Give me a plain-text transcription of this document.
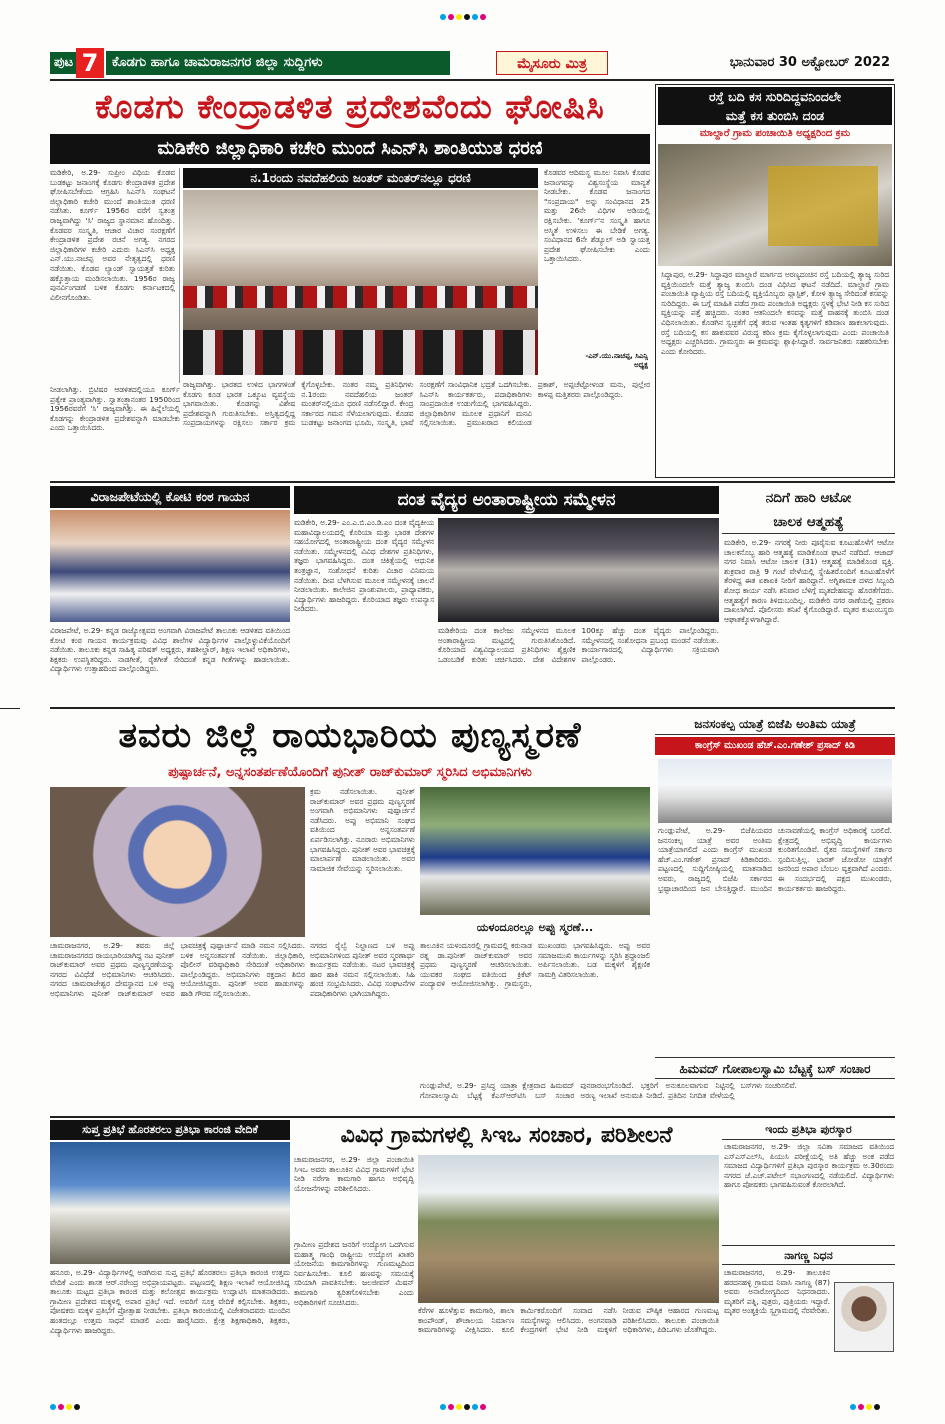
ಪುಟ 7	ಕೊಡಗು ಹಾಗೂ ಚಾಮರಾಜನಗರ ಜಿಲ್ಲಾ ಸುದ್ದಿಗಳು	ಮೈಸೂರು ಮಿತ್ರ	ಭಾನುವಾರ 30 ಅಕ್ಟೋಬರ್ 2022
ಕೊಡಗು ಕೇಂದ್ರಾಡಳಿತ ಪ್ರದೇಶವೆಂದು ಘೋಷಿಸಿ
ಮಡಿಕೇರಿ ಜಿಲ್ಲಾಧಿಕಾರಿ ಕಚೇರಿ ಮುಂದೆ ಸಿಎನ್‌ಸಿ ಶಾಂತಿಯುತ ಧರಣಿ
ಮಡಿಕೇರಿ, ಅ.29- ಸುಪ್ರೀಂ ವಿಧಿಯ ಕೊಡವ ಬುಡಕಟ್ಟು ಜನಾಂಗಕ್ಕೆ ಕೊಡಗು ಕೇಂದ್ರಾಡಳಿತ ಪ್ರದೇಶ ಘೋಷಿಸಬೇಕೆಂದು ಆಗ್ರಹಿಸಿ ಸಿಎನ್‌ಸಿ ಸಂಘಟನೆ ಜಿಲ್ಲಾಧಿಕಾರಿ ಕಚೇರಿ ಮುಂದೆ ಶಾಂತಿಯುತ ಧರಣಿ ನಡೆಸಿತು. ಕೂರ್ಗ್ 1956ರ ವರೆಗೆ ಸ್ವತಂತ್ರ ರಾಜ್ಯವಾಗಿದ್ದು 'ಸಿ' ರಾಜ್ಯದ ಸ್ಥಾನಮಾನ ಹೊಂದಿತ್ತು. ಕೊಡವರ ಸಂಸ್ಕೃತಿ, ಆಚಾರ ವಿಚಾರ ಸಂರಕ್ಷಣೆಗೆ ಕೇಂದ್ರಾಡಳಿತ ಪ್ರದೇಶ ರಚನೆ ಅಗತ್ಯ. ನಗರದ ಜಿಲ್ಲಾಧಿಕಾರಿಗಳ ಕಚೇರಿ ಎದುರು ಸಿಎನ್‌ಸಿ ಅಧ್ಯಕ್ಷ ಎನ್.ಯು.ನಾಚಪ್ಪ ಅವರ ನೇತೃತ್ವದಲ್ಲಿ ಧರಣಿ ನಡೆಯಿತು. ಕೊಡವ ಲ್ಯಾಂಡ್ ಸ್ವಾಯತ್ತತೆ ಕುರಿತು ಹಕ್ಕೊತ್ತಾಯ ಮಂಡಿಸಲಾಯಿತು. 1956ರ ರಾಜ್ಯ ಪುನರ್ವಿಂಗಡಣೆ ಬಳಿಕ ಕೊಡಗು ಕರ್ನಾಟಕದಲ್ಲಿ ವಿಲೀನಗೊಂಡಿತು.
ನ.1ರಂದು ನವದೆಹಲಿಯ ಜಂತರ್ ಮಂತರ್‌ನಲ್ಲೂ ಧರಣಿ	ಕೊಡವರ ಆದಿಮಸ್ಥ ಮೂಲ ನಿವಾಸಿ ಕೊಡವ ಜನಾಂಗವನ್ನು ವಿಶ್ವಸಂಸ್ಥೆಯ ಮಾನ್ಯತೆ ನೀಡಬೇಕು. ಕೊಡವ ಜನಾಂಗದ "ಸಂಪ್ರದಾಯ" ಅನ್ನು ಸಂವಿಧಾನದ 25 ಮತ್ತು 26ನೇ ವಿಧಿಗಳ ಅಡಿಯಲ್ಲಿ ರಕ್ಷಿಸಬೇಕು. 'ಕೂರ್ಗ್'ನ ಸಂಸ್ಕೃತಿ ಹಾಗೂ ಅಸ್ಮಿತೆ ಉಳಿಸಲು ಈ ಬೇಡಿಕೆ ಅಗತ್ಯ. ಸಂವಿಧಾನದ 6ನೇ ಶೆಡ್ಯೂಲ್ ಅಡಿ ಸ್ವಾಯತ್ತ ಪ್ರದೇಶ ಘೋಷಿಸಬೇಕು ಎಂದು ಒತ್ತಾಯಿಸಿದರು.
-ಎನ್.ಯು.ನಾಚಪ್ಪ, ಸಿಎನ್ಸಿ ಅಧ್ಯಕ್ಷ
ರಾಜ್ಯವಾಗಿತ್ತು. ಭಾರತದ ಉಳಿದ ಭಾಗಗಳಿಂತೆ ಕೊಡಗು ಕೂಡ ಭಾರತ ಒಕ್ಕೂಟ ವ್ಯವಸ್ಥೆಯ ಭಾಗವಾಯಿತು. ಕೊಡಗನ್ನು ವಿಶೇಷ ಪ್ರದೇಶವನ್ನಾಗಿ ಗುರುತಿಸಬೇಕು. ಅಸ್ತಿತ್ವದಲ್ಲಿದ್ದ ಸಂಪ್ರದಾಯಗಳನ್ನು ರಕ್ಷಿಸಲು ಸರ್ಕಾರ ಕ್ರಮ ಕೈಗೊಳ್ಳಬೇಕು. ನಂತರ ನಮ್ಮ ಪ್ರತಿನಿಧಿಗಳು ನ.1ರಂದು ನವದೆಹಲಿಯ ಜಂತರ್ ಮಂತರ್‌ನಲ್ಲಿಯೂ ಧರಣಿ ನಡೆಸಲಿದ್ದಾರೆ. ಕೇಂದ್ರ ಸರ್ಕಾರದ ಗಮನ ಸೆಳೆಯಲಾಗುವುದು. ಕೊಡವ ಬುಡಕಟ್ಟು ಜನಾಂಗದ ಭೂಮಿ, ಸಂಸ್ಕೃತಿ, ಭಾಷೆ ಸಂರಕ್ಷಣೆಗೆ ಸಾಂವಿಧಾನಿಕ ಭದ್ರತೆ ಒದಗಿಸಬೇಕು. ಸಿಎನ್‌ಸಿ ಕಾರ್ಯಕರ್ತರು, ಪದಾಧಿಕಾರಿಗಳು ಸಾಂಪ್ರದಾಯಿಕ ಉಡುಗೆಯಲ್ಲಿ ಭಾಗವಹಿಸಿದ್ದರು. ಜಿಲ್ಲಾಧಿಕಾರಿಗಳ ಮೂಲಕ ಪ್ರಧಾನಿಗೆ ಮನವಿ ಸಲ್ಲಿಸಲಾಯಿತು. ಪ್ರಮುಖರಾದ ಕಲಿಯಂಡ ಪ್ರಕಾಶ್, ಅಪ್ಪಚೆಟ್ಟೋಳಂಡ ಮನು, ಪುಲ್ಲೇರ ಕಾಳಪ್ಪ ಮತ್ತಿತರರು ಪಾಲ್ಗೊಂಡಿದ್ದರು.
ನೀಡಲಾಗಿತ್ತು. ಬ್ರಿಟಿಷರ ಆಡಳಿತದಲ್ಲಿಯೂ ಕೂರ್ಗ್ ಪ್ರತ್ಯೇಕ ಪ್ರಾಂತ್ಯವಾಗಿತ್ತು. ಸ್ವಾತಂತ್ರ್ಯಾನಂತರ 1950ರಿಂದ 1956ರವರೆಗೆ 'ಸಿ' ರಾಜ್ಯವಾಗಿತ್ತು. ಈ ಹಿನ್ನೆಲೆಯಲ್ಲಿ ಕೊಡಗನ್ನು ಕೇಂದ್ರಾಡಳಿತ ಪ್ರದೇಶವನ್ನಾಗಿ ಮಾಡಬೇಕು ಎಂದು ಒತ್ತಾಯಿಸಿದರು.
ರಸ್ತೆ ಬದಿ ಕಸ ಸುರಿದಿದ್ದವನಿಂದಲೇ
ಮತ್ತೆ ಕಸ ತುಂಬಿಸಿ ದಂಡ
ಮಾಲ್ದಾರೆ ಗ್ರಾಮ ಪಂಚಾಯಿತಿ ಅಧ್ಯಕ್ಷರಿಂದ ಕ್ರಮ
ಸಿದ್ದಾಪುರ, ಅ.29- ಸಿದ್ದಾಪುರ ಮಾಲ್ದಾರೆ ಮಾರ್ಗದ ಅರಣ್ಯದಂಚಿನ ರಸ್ತೆ ಬದಿಯಲ್ಲಿ ತ್ಯಾಜ್ಯ ಸುರಿದ ವ್ಯಕ್ತಿಯಿಂದಲೇ ಮತ್ತೆ ತ್ಯಾಜ್ಯ ತುಂಬಿಸಿ ದಂಡ ವಿಧಿಸಿದ ಘಟನೆ ನಡೆದಿದೆ. ಮಾಲ್ದಾರೆ ಗ್ರಾಮ ಪಂಚಾಯಿತಿ ವ್ಯಾಪ್ತಿಯ ರಸ್ತೆ ಬದಿಯಲ್ಲಿ ವ್ಯಕ್ತಿಯೊಬ್ಬರು ಪ್ಲಾಸ್ಟಿಕ್, ಕೋಳಿ ತ್ಯಾಜ್ಯ ಸೇರಿದಂತೆ ಕಸವನ್ನು ಸುರಿದಿದ್ದರು. ಈ ಬಗ್ಗೆ ಮಾಹಿತಿ ಪಡೆದ ಗ್ರಾಮ ಪಂಚಾಯಿತಿ ಅಧ್ಯಕ್ಷರು ಸ್ಥಳಕ್ಕೆ ಭೇಟಿ ನೀಡಿ ಕಸ ಸುರಿದ ವ್ಯಕ್ತಿಯನ್ನು ಪತ್ತೆ ಹಚ್ಚಿದರು. ನಂತರ ಆತನಿಂದಲೇ ಕಸವನ್ನು ಮತ್ತೆ ವಾಹನಕ್ಕೆ ತುಂಬಿಸಿ ದಂಡ ವಿಧಿಸಲಾಯಿತು. ಕೊಡಗಿನ ಸ್ವಚ್ಛತೆಗೆ ಧಕ್ಕೆ ತರುವ ಇಂತಹ ಕೃತ್ಯಗಳಿಗೆ ಕಡಿವಾಣ ಹಾಕಲಾಗುವುದು. ರಸ್ತೆ ಬದಿಯಲ್ಲಿ ಕಸ ಹಾಕುವವರ ವಿರುದ್ಧ ಕಠಿಣ ಕ್ರಮ ಕೈಗೊಳ್ಳಲಾಗುವುದು ಎಂದು ಪಂಚಾಯಿತಿ ಅಧ್ಯಕ್ಷರು ಎಚ್ಚರಿಸಿದರು. ಗ್ರಾಮಸ್ಥರು ಈ ಕ್ರಮವನ್ನು ಶ್ಲಾಘಿಸಿದ್ದಾರೆ. ಸಾರ್ವಜನಿಕರು ಸಹಕರಿಸಬೇಕು ಎಂದು ಕೋರಿದರು.
ವಿರಾಜಪೇಟೆಯಲ್ಲಿ ಕೋಟಿ ಕಂಠ ಗಾಯನ
ವಿರಾಜಪೇಟೆ, ಅ.29- ಕನ್ನಡ ರಾಜ್ಯೋತ್ಸವದ ಅಂಗವಾಗಿ ವಿರಾಜಪೇಟೆ ತಾಲೂಕು ಆಡಳಿತದ ವತಿಯಿಂದ ಕೋಟಿ ಕಂಠ ಗಾಯನ ಕಾರ್ಯಕ್ರಮವು ವಿವಿಧ ಶಾಲೆಗಳ ವಿದ್ಯಾರ್ಥಿಗಳ ಪಾಲ್ಗೊಳ್ಳುವಿಕೆಯೊಂದಿಗೆ ನಡೆಯಿತು. ತಾಲೂಕು ಕನ್ನಡ ಸಾಹಿತ್ಯ ಪರಿಷತ್ ಅಧ್ಯಕ್ಷರು, ತಹಶೀಲ್ದಾರ್, ಶಿಕ್ಷಣ ಇಲಾಖೆ ಅಧಿಕಾರಿಗಳು, ಶಿಕ್ಷಕರು ಉಪಸ್ಥಿತರಿದ್ದರು. ನಾಡಗೀತೆ, ರೈತಗೀತೆ ಸೇರಿದಂತೆ ಕನ್ನಡ ಗೀತೆಗಳನ್ನು ಹಾಡಲಾಯಿತು. ವಿದ್ಯಾರ್ಥಿಗಳು ಉತ್ಸಾಹದಿಂದ ಪಾಲ್ಗೊಂಡಿದ್ದರು.
ದಂತ ವೈದ್ಯರ ಅಂತಾರಾಷ್ಟ್ರೀಯ ಸಮ್ಮೇಳನ
ಮಡಿಕೇರಿ, ಅ.29- ಎಂ.ಎ.ಬಿ.ಎಂ.ಡಿ.ಎಂ ದಂತ ವೈದ್ಯಕೀಯ ಮಹಾವಿದ್ಯಾಲಯದಲ್ಲಿ ಕೊರಿಯಾ ಮತ್ತು ಭಾರತ ದೇಶಗಳ ಸಹಯೋಗದಲ್ಲಿ ಅಂತಾರಾಷ್ಟ್ರೀಯ ದಂತ ವೈದ್ಯರ ಸಮ್ಮೇಳನ ನಡೆಯಿತು. ಸಮ್ಮೇಳನದಲ್ಲಿ ವಿವಿಧ ದೇಶಗಳ ಪ್ರತಿನಿಧಿಗಳು, ತಜ್ಞರು ಭಾಗವಹಿಸಿದ್ದರು. ದಂತ ಚಿಕಿತ್ಸೆಯಲ್ಲಿ ಆಧುನಿಕ ತಂತ್ರಜ್ಞಾನ, ಸಂಶೋಧನೆ ಕುರಿತು ವಿಚಾರ ವಿನಿಮಯ ನಡೆಯಿತು. ದೀಪ ಬೆಳಗಿಸುವ ಮೂಲಕ ಸಮ್ಮೇಳನಕ್ಕೆ ಚಾಲನೆ ನೀಡಲಾಯಿತು. ಕಾಲೇಜಿನ ಪ್ರಾಂಶುಪಾಲರು, ಪ್ರಾಧ್ಯಾಪಕರು, ವಿದ್ಯಾರ್ಥಿಗಳು ಹಾಜರಿದ್ದರು. ಕೊರಿಯಾದ ತಜ್ಞರು ಉಪನ್ಯಾಸ ನೀಡಿದರು.
ಮಡಿಕೇರಿಯ ದಂತ ಕಾಲೇಜು ಸಮ್ಮೇಳನದ ಮೂಲಕ ಅಂತಾರಾಷ್ಟ್ರೀಯ ಮಟ್ಟದಲ್ಲಿ ಗುರುತಿಸಿಕೊಂಡಿದೆ. ಕೊರಿಯಾದ ವಿಶ್ವವಿದ್ಯಾಲಯದ ಪ್ರತಿನಿಧಿಗಳು ಶೈಕ್ಷಣಿಕ ಒಡಂಬಡಿಕೆ ಕುರಿತು ಚರ್ಚಿಸಿದರು. ದೇಶ ವಿದೇಶಗಳ 100ಕ್ಕೂ ಹೆಚ್ಚು ದಂತ ವೈದ್ಯರು ಪಾಲ್ಗೊಂಡಿದ್ದರು. ಸಮ್ಮೇಳನದಲ್ಲಿ ಸಂಶೋಧನಾ ಪ್ರಬಂಧ ಮಂಡನೆ ನಡೆಯಿತು. ಕಾರ್ಯಾಗಾರದಲ್ಲಿ ವಿದ್ಯಾರ್ಥಿಗಳು ಸಕ್ರಿಯವಾಗಿ ಪಾಲ್ಗೊಂಡರು.
ನದಿಗೆ ಹಾರಿ ಆಟೋ
ಚಾಲಕ ಆತ್ಮಹತ್ಯೆ
ಮಡಿಕೇರಿ, ಅ.29- ನಗರಕ್ಕೆ ನೀರು ಪೂರೈಸುವ ಕೂಟುಹೊಳೆಗೆ ಆಟೋ ಚಾಲಕನೊಬ್ಬ ಹಾರಿ ಆತ್ಮಹತ್ಯೆ ಮಾಡಿಕೊಂಡ ಘಟನೆ ನಡೆದಿದೆ. ಆಜಾದ್ ನಗರ ನಿವಾಸಿ ಆಟೋ ಚಾಲಕ (31) ಆತ್ಮಹತ್ಯೆ ಮಾಡಿಕೊಂಡ ವ್ಯಕ್ತಿ. ಶುಕ್ರವಾರ ರಾತ್ರಿ 9 ಗಂಟೆ ವೇಳೆಯಲ್ಲಿ ಸ್ನೇಹಿತರೊಂದಿಗೆ ಕೂಟುಹೊಳೆಗೆ ತೆರಳಿದ್ದ ಈತ ಏಕಾಏಕಿ ನೀರಿಗೆ ಹಾರಿದ್ದಾನೆ. ಅಗ್ನಿಶಾಮಕ ದಳದ ಸಿಬ್ಬಂದಿ ಶೋಧ ಕಾರ್ಯ ನಡೆಸಿ ಶನಿವಾರ ಬೆಳಿಗ್ಗೆ ಮೃತದೇಹವನ್ನು ಹೊರತೆಗೆದರು. ಆತ್ಮಹತ್ಯೆಗೆ ಕಾರಣ ತಿಳಿದುಬಂದಿಲ್ಲ. ಮಡಿಕೇರಿ ನಗರ ಠಾಣೆಯಲ್ಲಿ ಪ್ರಕರಣ ದಾಖಲಾಗಿದೆ. ಪೊಲೀಸರು ತನಿಖೆ ಕೈಗೊಂಡಿದ್ದಾರೆ. ಮೃತರ ಕುಟುಂಬಸ್ಥರು ಆಘಾತಕ್ಕೊಳಗಾಗಿದ್ದಾರೆ.
ತವರು ಜಿಲ್ಲೆ ರಾಯಭಾರಿಯ ಪುಣ್ಯಸ್ಮರಣೆ
ಪುಷ್ಪಾರ್ಚನೆ, ಅನ್ನಸಂತರ್ಪಣೆಯೊಂದಿಗೆ ಪುನೀತ್ ರಾಜ್‌ಕುಮಾರ್ ಸ್ಮರಿಸಿದ ಅಭಿಮಾನಿಗಳು
ಕ್ರಮ ನಡೆಸಲಾಯಿತು. ಪುನೀತ್ ರಾಜ್‌ಕುಮಾರ್ ಅವರ ಪ್ರಥಮ ಪುಣ್ಯಸ್ಮರಣೆ ಅಂಗವಾಗಿ ಅಭಿಮಾನಿಗಳು ಪುಷ್ಪಾರ್ಚನೆ ನಡೆಸಿದರು. ಅಪ್ಪು ಅಭಿಮಾನಿ ಸಂಘದ ವತಿಯಿಂದ ಅನ್ನಸಂತರ್ಪಣೆ ಏರ್ಪಡಿಸಲಾಗಿತ್ತು. ನೂರಾರು ಅಭಿಮಾನಿಗಳು ಭಾಗವಹಿಸಿದ್ದರು. ಪುನೀತ್ ಅವರ ಭಾವಚಿತ್ರಕ್ಕೆ ಮಾಲಾರ್ಪಣೆ ಮಾಡಲಾಯಿತು. ಅವರ ಸಾಮಾಜಿಕ ಸೇವೆಯನ್ನು ಸ್ಮರಿಸಲಾಯಿತು.
ಯಳಂದೂರಲ್ಲೂ ಅಪ್ಪು ಸ್ಮರಣೆ...
ಚಾಮರಾಜನಗರ, ಅ.29- ತವರು ಜಿಲ್ಲೆ ಚಾಮರಾಜನಗರದ ರಾಯಭಾರಿಯಾಗಿದ್ದ ನಟ ಪುನೀತ್ ರಾಜ್‌ಕುಮಾರ್ ಅವರ ಪ್ರಥಮ ಪುಣ್ಯಸ್ಮರಣೆಯನ್ನು ನಗರದ ವಿವಿಧೆಡೆ ಅಭಿಮಾನಿಗಳು ಆಚರಿಸಿದರು. ನಗರದ ಚಾಮರಾಜೇಶ್ವರ ದೇವಸ್ಥಾನದ ಬಳಿ ಅಪ್ಪು ಅಭಿಮಾನಿಗಳು ಪುನೀತ್ ರಾಜ್‌ಕುಮಾರ್ ಅವರ ಭಾವಚಿತ್ರಕ್ಕೆ ಪುಷ್ಪಾರ್ಚನೆ ಮಾಡಿ ನಮನ ಸಲ್ಲಿಸಿದರು. ಬಳಿಕ ಅನ್ನಸಂತರ್ಪಣೆ ನಡೆಯಿತು. ಜಿಲ್ಲಾಧಿಕಾರಿ, ಪೊಲೀಸ್ ವರಿಷ್ಠಾಧಿಕಾರಿ ಸೇರಿದಂತೆ ಅಧಿಕಾರಿಗಳು ಪಾಲ್ಗೊಂಡಿದ್ದರು. ಅಭಿಮಾನಿಗಳು ರಕ್ತದಾನ ಶಿಬಿರ ಆಯೋಜಿಸಿದ್ದರು. ಪುನೀತ್ ಅವರ ಹಾಡುಗಳನ್ನು ಹಾಡಿ ಗೌರವ ಸಲ್ಲಿಸಲಾಯಿತು.
ನಗರದ ರೈಲ್ವೆ ನಿಲ್ದಾಣದ ಬಳಿ ಅಪ್ಪು ಅಭಿಮಾನಿಗಳಿಂದ ಪುನೀತ್ ಅವರ ಸ್ಮರಣಾರ್ಥ ಕಾರ್ಯಕ್ರಮ ನಡೆಯಿತು. ನಟರ ಭಾವಚಿತ್ರಕ್ಕೆ ಹಾರ ಹಾಕಿ ನಮನ ಸಲ್ಲಿಸಲಾಯಿತು. ಸಿಹಿ ಹಂಚಿ ಸಂಭ್ರಮಿಸಿದರು. ವಿವಿಧ ಸಂಘಟನೆಗಳ ಪದಾಧಿಕಾರಿಗಳು ಭಾಗಿಯಾಗಿದ್ದರು.
ತಾಲೂಕಿನ ಯಳಂದೂರಲ್ಲಿ ಗ್ರಾಮದಲ್ಲಿ ಕರುನಾಡ ರತ್ನ ಡಾ.ಪುನೀತ್ ರಾಜ್‌ಕುಮಾರ್ ಅವರ ಪ್ರಥಮ ಪುಣ್ಯಸ್ಮರಣೆ ಆಚರಿಸಲಾಯಿತು. ಯುವಕರ ಸಂಘದ ವತಿಯಿಂದ ಕ್ರಿಕೆಟ್ ಪಂದ್ಯಾವಳಿ ಆಯೋಜಿಸಲಾಗಿತ್ತು. ಗ್ರಾಮಸ್ಥರು, ಮುಖಂಡರು ಭಾಗವಹಿಸಿದ್ದರು. ಅಪ್ಪು ಅವರ ಸಮಾಜಮುಖಿ ಕಾರ್ಯಗಳನ್ನು ಸ್ಮರಿಸಿ ಶ್ರದ್ಧಾಂಜಲಿ ಅರ್ಪಿಸಲಾಯಿತು. ಬಡ ಮಕ್ಕಳಿಗೆ ಶೈಕ್ಷಣಿಕ ಸಾಮಗ್ರಿ ವಿತರಿಸಲಾಯಿತು.
ಜನಸಂಕಲ್ಪ ಯಾತ್ರೆ ಬಿಜೆಪಿ ಅಂತಿಮ ಯಾತ್ರೆ
ಕಾಂಗ್ರೆಸ್ ಮುಖಂಡ ಹೆಚ್.ಎಂ.ಗಣೇಶ್ ಪ್ರಸಾದ್ ಕಿಡಿ
ಗುಂಡ್ಲುಪೇಟೆ, ಅ.29- ಬಿಜೆಪಿಯವರ ಜನಸಂಕಲ್ಪ ಯಾತ್ರೆ ಅವರ ಅಂತಿಮ ಯಾತ್ರೆಯಾಗಲಿದೆ ಎಂದು ಕಾಂಗ್ರೆಸ್ ಮುಖಂಡ ಹೆಚ್.ಎಂ.ಗಣೇಶ್ ಪ್ರಸಾದ್ ಕಿಡಿಕಾರಿದರು. ಪಟ್ಟಣದಲ್ಲಿ ಸುದ್ದಿಗೋಷ್ಠಿಯಲ್ಲಿ ಮಾತನಾಡಿದ ಅವರು, ರಾಜ್ಯದಲ್ಲಿ ಬಿಜೆಪಿ ಸರ್ಕಾರದ ಭ್ರಷ್ಟಾಚಾರದಿಂದ ಜನ ಬೇಸತ್ತಿದ್ದಾರೆ. ಮುಂದಿನ ಚುನಾವಣೆಯಲ್ಲಿ ಕಾಂಗ್ರೆಸ್ ಅಧಿಕಾರಕ್ಕೆ ಬರಲಿದೆ. ಕ್ಷೇತ್ರದಲ್ಲಿ ಅಭಿವೃದ್ಧಿ ಕಾರ್ಯಗಳು ಕುಂಠಿತಗೊಂಡಿವೆ. ರೈತರ ಸಮಸ್ಯೆಗಳಿಗೆ ಸರ್ಕಾರ ಸ್ಪಂದಿಸುತ್ತಿಲ್ಲ. ಭಾರತ್ ಜೋಡೋ ಯಾತ್ರೆಗೆ ಜನರಿಂದ ಅಪಾರ ಬೆಂಬಲ ವ್ಯಕ್ತವಾಗಿದೆ ಎಂದರು. ಈ ಸಂದರ್ಭದಲ್ಲಿ ಪಕ್ಷದ ಮುಖಂಡರು, ಕಾರ್ಯಕರ್ತರು ಹಾಜರಿದ್ದರು.
ಹಿಮವದ್ ಗೋಪಾಲಸ್ವಾಮಿ ಬೆಟ್ಟಕ್ಕೆ ಬಸ್ ಸಂಚಾರ
ಗುಂಡ್ಲುಪೇಟೆ, ಅ.29- ಪ್ರಸಿದ್ಧ ಯಾತ್ರಾ ಕ್ಷೇತ್ರವಾದ ಹಿಮವದ್ ಗೋಪಾಲಸ್ವಾಮಿ ಬೆಟ್ಟಕ್ಕೆ ಕೆಎಸ್ಆರ್‌ಟಿಸಿ ಬಸ್ ಸಂಚಾರ ಪುನರಾರಂಭಗೊಂಡಿದೆ. ಭಕ್ತರಿಗೆ ಅನುಕೂಲವಾಗುವ ನಿಟ್ಟಿನಲ್ಲಿ ಅರಣ್ಯ ಇಲಾಖೆ ಅನುಮತಿ ನೀಡಿದೆ. ಪ್ರತಿದಿನ ನಿಗದಿತ ವೇಳೆಯಲ್ಲಿ ಬಸ್‌ಗಳು ಸಂಚರಿಸಲಿವೆ.
ಸುಪ್ತ ಪ್ರತಿಭೆ ಹೊರತರಲು ಪ್ರತಿಭಾ ಕಾರಂಜಿ ವೇದಿಕೆ
ಹನೂರು, ಅ.29- ವಿದ್ಯಾರ್ಥಿಗಳಲ್ಲಿ ಅಡಗಿರುವ ಸುಪ್ತ ಪ್ರತಿಭೆ ಹೊರತರಲು ಪ್ರತಿಭಾ ಕಾರಂಜಿ ಉತ್ತಮ ವೇದಿಕೆ ಎಂದು ಶಾಸಕ ಆರ್.ನರೇಂದ್ರ ಅಭಿಪ್ರಾಯಪಟ್ಟರು. ಪಟ್ಟಣದಲ್ಲಿ ಶಿಕ್ಷಣ ಇಲಾಖೆ ಆಯೋಜಿಸಿದ್ದ ತಾಲೂಕು ಮಟ್ಟದ ಪ್ರತಿಭಾ ಕಾರಂಜಿ ಮತ್ತು ಕಲೋತ್ಸವ ಕಾರ್ಯಕ್ರಮ ಉದ್ಘಾಟಿಸಿ ಮಾತನಾಡಿದರು. ಗ್ರಾಮೀಣ ಪ್ರದೇಶದ ಮಕ್ಕಳಲ್ಲಿ ಅಪಾರ ಪ್ರತಿಭೆ ಇದೆ. ಅವರಿಗೆ ಸೂಕ್ತ ವೇದಿಕೆ ಕಲ್ಪಿಸಬೇಕು. ಶಿಕ್ಷಕರು, ಪೋಷಕರು ಮಕ್ಕಳ ಪ್ರತಿಭೆಗೆ ಪ್ರೋತ್ಸಾಹ ನೀಡಬೇಕು. ಪ್ರತಿಭಾ ಕಾರಂಜಿಯಲ್ಲಿ ವಿಜೇತರಾದವರು ಮುಂದಿನ ಹಂತದಲ್ಲೂ ಉತ್ತಮ ಸಾಧನೆ ಮಾಡಲಿ ಎಂದು ಹಾರೈಸಿದರು. ಕ್ಷೇತ್ರ ಶಿಕ್ಷಣಾಧಿಕಾರಿ, ಶಿಕ್ಷಕರು, ವಿದ್ಯಾರ್ಥಿಗಳು ಹಾಜರಿದ್ದರು.
ವಿವಿಧ ಗ್ರಾಮಗಳಲ್ಲಿ ಸಿಇಒ ಸಂಚಾರ, ಪರಿಶೀಲನೆ
ಚಾಮರಾಜನಗರ, ಅ.29- ಜಿಲ್ಲಾ ಪಂಚಾಯಿತಿ ಸಿಇಒ ಅವರು ತಾಲೂಕಿನ ವಿವಿಧ ಗ್ರಾಮಗಳಿಗೆ ಭೇಟಿ ನೀಡಿ ನರೇಗಾ ಕಾಮಗಾರಿ ಹಾಗೂ ಅಭಿವೃದ್ಧಿ ಯೋಜನೆಗಳನ್ನು ಪರಿಶೀಲಿಸಿದರು.
ಗ್ರಾಮೀಣ ಪ್ರದೇಶದ ಜನರಿಗೆ ಉದ್ಯೋಗ ಒದಗಿಸುವ ಮಹಾತ್ಮ ಗಾಂಧಿ ರಾಷ್ಟ್ರೀಯ ಉದ್ಯೋಗ ಖಾತರಿ ಯೋಜನೆಯ ಕಾಮಗಾರಿಗಳನ್ನು ಗುಣಮಟ್ಟದಿಂದ ನಿರ್ವಹಿಸಬೇಕು. ಕೂಲಿ ಹಣವನ್ನು ಸಮಯಕ್ಕೆ ಸರಿಯಾಗಿ ಪಾವತಿಸಬೇಕು. ಜಲಜೀವನ್ ಮಿಷನ್ ಕಾಮಗಾರಿ ತ್ವರಿತಗೊಳಿಸಬೇಕು ಎಂದು ಅಧಿಕಾರಿಗಳಿಗೆ ಸೂಚಿಸಿದರು.
ಕೆರೆಗಳ ಹೂಳೆತ್ತುವ ಕಾಮಗಾರಿ, ಶಾಲಾ ಕಾಂಪೌಂಡ್, ಶೌಚಾಲಯ ನಿರ್ಮಾಣ ಕಾಮಗಾರಿಗಳನ್ನು ವೀಕ್ಷಿಸಿದರು. ಕೂಲಿ ಕಾರ್ಮಿಕರೊಂದಿಗೆ ಸಂವಾದ ನಡೆಸಿ ಸಮಸ್ಯೆಗಳನ್ನು ಆಲಿಸಿದರು. ಅಂಗನವಾಡಿ ಕೇಂದ್ರಗಳಿಗೆ ಭೇಟಿ ನೀಡಿ ಮಕ್ಕಳಿಗೆ ನೀಡುವ ಪೌಷ್ಠಿಕ ಆಹಾರದ ಗುಣಮಟ್ಟ ಪರಿಶೀಲಿಸಿದರು. ತಾಲೂಕು ಪಂಚಾಯಿತಿ ಅಧಿಕಾರಿಗಳು, ಪಿಡಿಒಗಳು ಜೊತೆಗಿದ್ದರು.
ಇಂದು ಪ್ರತಿಭಾ ಪುರಸ್ಕಾರ
ಚಾಮರಾಜನಗರ, ಅ.29- ಜಿಲ್ಲಾ ಸವಿತಾ ಸಮಾಜದ ವತಿಯಿಂದ ಎಸ್‌ಎಸ್‌ಎಲ್‌ಸಿ, ಪಿಯುಸಿ ಪರೀಕ್ಷೆಯಲ್ಲಿ ಅತಿ ಹೆಚ್ಚು ಅಂಕ ಪಡೆದ ಸಮಾಜದ ವಿದ್ಯಾರ್ಥಿಗಳಿಗೆ ಪ್ರತಿಭಾ ಪುರಸ್ಕಾರ ಕಾರ್ಯಕ್ರಮ ಅ.30ರಂದು ನಗರದ ಜೆ.ಎಚ್.ಪಟೇಲ್ ಸಭಾಂಗಣದಲ್ಲಿ ನಡೆಯಲಿದೆ. ವಿದ್ಯಾರ್ಥಿಗಳು ಹಾಗೂ ಪೋಷಕರು ಭಾಗವಹಿಸುವಂತೆ ಕೋರಲಾಗಿದೆ.
ನಾಗಣ್ಣ ನಿಧನ
ಚಾಮರಾಜನಗರ, ಅ.29- ತಾಲೂಕಿನ ಹರದನಹಳ್ಳಿ ಗ್ರಾಮದ ನಿವಾಸಿ ನಾಗಣ್ಣ (87) ಅವರು ಅನಾರೋಗ್ಯದಿಂದ ನಿಧನರಾದರು. ಮೃತರಿಗೆ ಪತ್ನಿ, ಪುತ್ರರು, ಪುತ್ರಿಯರು ಇದ್ದಾರೆ. ಮೃತರ ಅಂತ್ಯಕ್ರಿಯೆ ಸ್ವಗ್ರಾಮದಲ್ಲಿ ನೆರವೇರಿತು.
